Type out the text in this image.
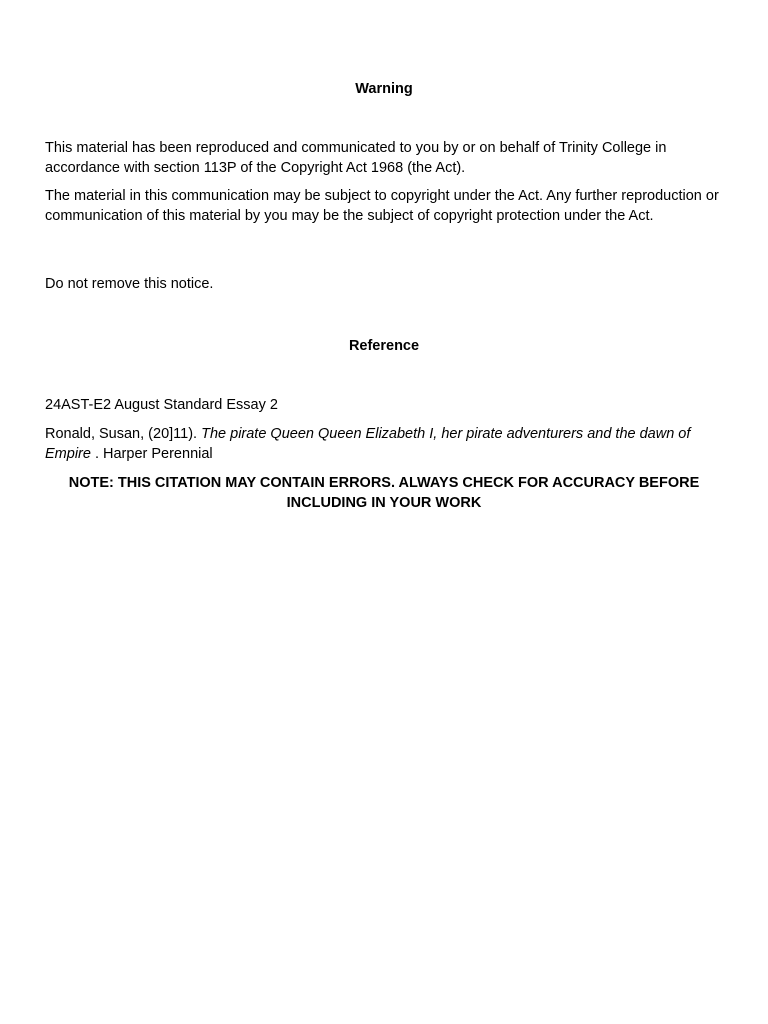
Warning

This material has been reproduced and communicated to you by or on behalf of Trinity College in accordance with section 113P of the Copyright Act 1968 (the Act).

The material in this communication may be subject to copyright under the Act. Any further reproduction or communication of this material by you may be the subject of copyright protection under the Act.

Do not remove this notice.

Reference

24AST-E2 August Standard Essay 2

Ronald, Susan, (20]11). The pirate Queen Queen Elizabeth I, her pirate adventurers and the dawn of Empire . Harper Perennial

NOTE: THIS CITATION MAY CONTAIN ERRORS. ALWAYS CHECK FOR ACCURACY BEFORE INCLUDING IN YOUR WORK
